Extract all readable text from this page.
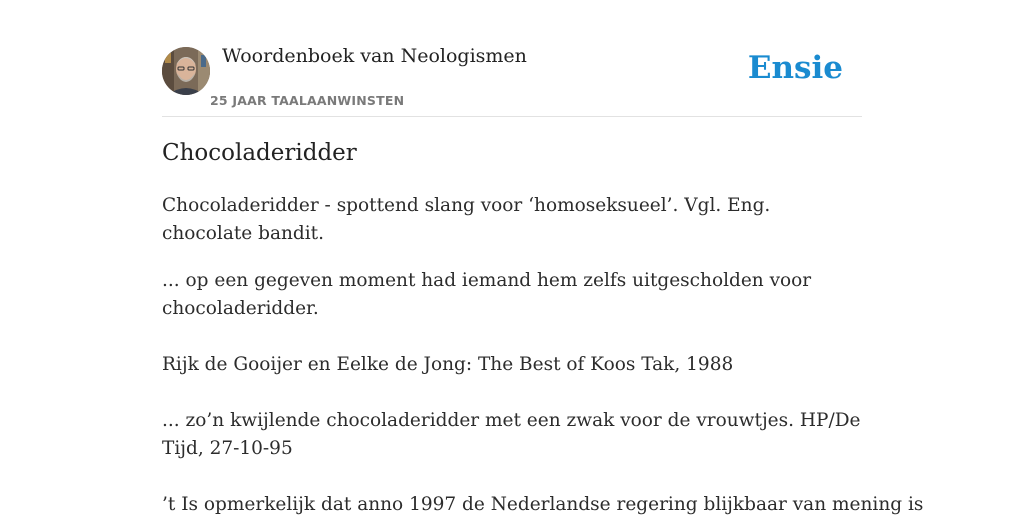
Woordenboek van Neologismen
25 JAAR TAALAANWINSTEN
Ensie
Chocoladeridder

Chocoladeridder - spottend slang voor ‘homoseksueel’. Vgl. Eng. chocolate bandit.

... op een gegeven moment had iemand hem zelfs uitgescholden voor chocoladeridder.

Rijk de Gooijer en Eelke de Jong: The Best of Koos Tak, 1988

... zo’n kwijlende chocoladeridder met een zwak voor de vrouwtjes. HP/De Tijd, 27-10-95

’t Is opmerkelijk dat anno 1997 de Nederlandse regering blijkbaar van mening is
